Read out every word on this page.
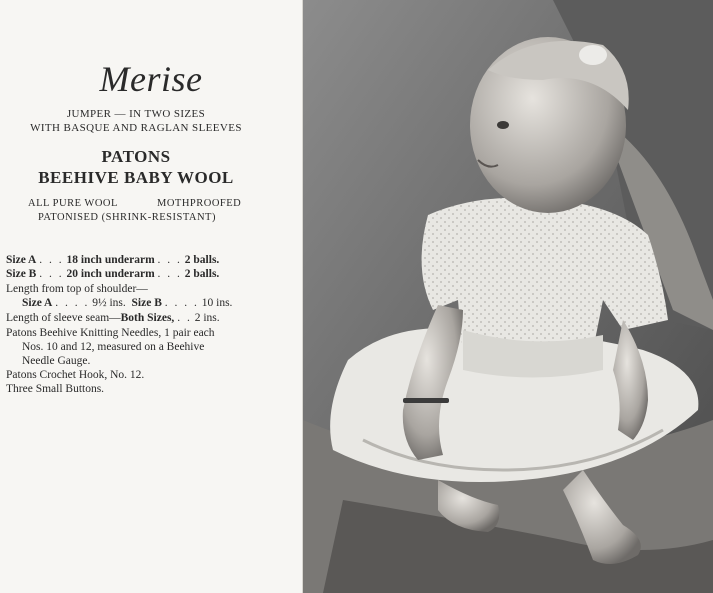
Merise
JUMPER — IN TWO SIZES
WITH BASQUE AND RAGLAN SLEEVES
PATONS
BEEHIVE BABY WOOL
ALL PURE WOOL	MOTHPROOFED
PATONISED (SHRINK-RESISTANT)
Size A . . . 18 inch underarm . . . 2 balls.
Size B . . . 20 inch underarm . . . 2 balls.
Length from top of shoulder—
Size A . . . . 9½ ins. Size B . . . . 10 ins.
Length of sleeve seam—Both Sizes, . . 2 ins.
Patons Beehive Knitting Needles, 1 pair each
Nos. 10 and 12, measured on a Beehive
Needle Gauge.
Patons Crochet Hook, No. 12.
Three Small Buttons.
